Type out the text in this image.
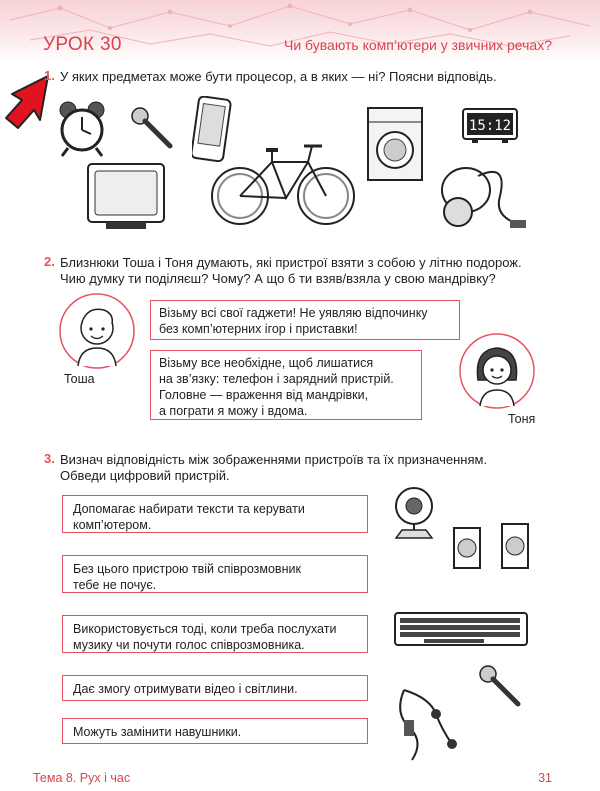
УРОК 30	Чи бувають комп’ютери у звичних речах?
1. У яких предметах може бути процесор, а в яких — ні? Поясни відповідь.
15:12
2. Близнюки Тоша і Тоня думають, які пристрої взяти з собою у літню подорож.
Чию думку ти поділяєш? Чому? А що б ти взяв/взяла у свою мандрівку?
Тоша
Візьму всі свої гаджети! Не уявляю відпочинку
без комп’ютерних ігор і приставки!
Візьму все необхідне, щоб лишатися
на зв’язку: телефон і зарядний пристрій.
Головне — враження від мандрівки,
а пограти я можу і вдома.
Тоня
3. Визнач відповідність між зображеннями пристроїв та їх призначенням.
Обведи цифровий пристрій.
Допомагає набирати тексти та керувати
комп’ютером.
Без цього пристрою твій співрозмовник
тебе не почує.
Використовується тоді, коли треба послухати
музику чи почути голос співрозмовника.
Дає змогу отримувати відео і світлини.
Можуть замінити навушники.
Тема 8. Рух і час	31
